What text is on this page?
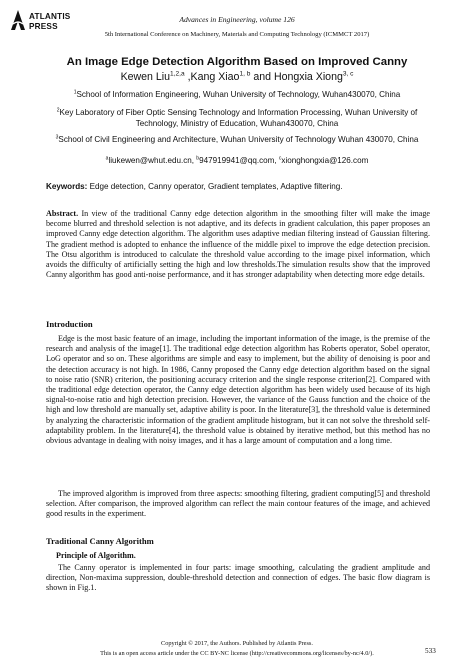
ATLANTIS
PRESS
Advances in Engineering, volume 126
5th International Conference on Machinery, Materials and Computing Technology (ICMMCT 2017)
An Image Edge Detection Algorithm Based on Improved Canny
Kewen Liu$^{1,2,a}$ ,Kang Xiao$^{1, b}$ and Hongxia Xiong$^{3, c}$
$^1$School of Information Engineering, Wuhan University of Technology, Wuhan430070, China
$^2$Key Laboratory of Fiber Optic Sensing Technology and Information Processing, Wuhan University of Technology, Ministry of Education, Wuhan430070, China
$^3$School of Civil Engineering and Architecture, Wuhan University of Technology Wuhan 430070, China
$^a$liukewen@whut.edu.cn, $^b$947919941@qq.com, $^c$xionghongxia@126.com
Keywords: Edge detection, Canny operator, Gradient templates, Adaptive filtering.
Abstract. In view of the traditional Canny edge detection algorithm in the smoothing filter will make the image become blurred and threshold selection is not adaptive, and its defects in gradient calculation, this paper proposes an improved Canny edge detection algorithm. The algorithm uses adaptive median filtering instead of Gaussian filtering. The gradient method is adopted to enhance the influence of the middle pixel to improve the edge detection precision. The Otsu algorithm is introduced to calculate the threshold value according to the image pixel information, which avoids the difficulty of artificially setting the high and low thresholds.The simulation results show that the improved Canny algorithm has good anti-noise performance, and it has stronger adaptability when detecting more edge details.
Introduction
Edge is the most basic feature of an image, including the important information of the image, is the premise of the research and analysis of the image[1]. The traditional edge detection algorithm has Roberts operator, Sobel operator, LoG operator and so on. These algorithms are simple and easy to implement, but the ability of denoising is poor and the detection accuracy is not high. In 1986, Canny proposed the Canny edge detection algorithm based on the signal to noise ratio (SNR) criterion, the positioning accuracy criterion and the single response criterion[2]. Compared with the traditional edge detection operator, the Canny edge detection algorithm has been widely used because of its high signal-to-noise ratio and high detection precision. However, the variance of the Gauss function and the choice of the high and low threshold are manually set, adaptive ability is poor. In the literature[3], the threshold value is determined by analyzing the characteristic information of the gradient amplitude histogram, but it can not solve the threshold self-adaptability problem. In the literature[4], the threshold value is obtained by iterative method, but this method has no obvious advantage in dealing with noisy images, and it has a large amount of computation and a long time.
The improved algorithm is improved from three aspects: smoothing filtering, gradient computing[5] and threshold selection. After comparison, the improved algorithm can reflect the main contour features of the image, and achieved good results in the experiment.
Traditional Canny Algorithm
Principle of Algorithm.
The Canny operator is implemented in four parts: image smoothing, calculating the gradient amplitude and direction, Non-maxima suppression, double-threshold detection and connection of edges. The basic flow diagram is shown in Fig.1.
Copyright © 2017, the Authors. Published by Atlantis Press.
This is an open access article under the CC BY-NC license (http://creativecommons.org/licenses/by-nc/4.0/).	533
